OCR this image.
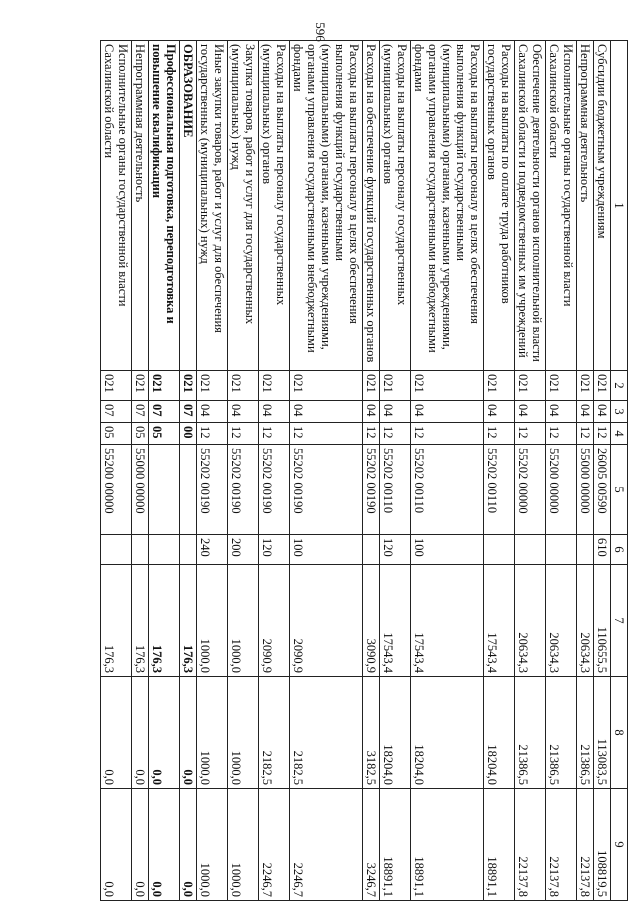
596
1	2	3	4	5	6	7	8	9
Субсидии бюджетным учреждениям	021	04	12	26005 00590	610	110655,5	113083,5	108819,5
Непрограммная деятельность	021	04	12	55000 00000		20634,3	21386,5	22137,8
Исполнительные органы государственной власти Сахалинской области	021	04	12	55200 00000		20634,3	21386,5	22137,8
Обеспечение деятельности органов исполнительной власти Сахалинской области и подведомственных им учреждений	021	04	12	55202 00000		20634,3	21386,5	22137,8
Расходы на выплаты по оплате труда работников государственных органов	021	04	12	55202 00110		17543,4	18204,0	18891,1
Расходы на выплаты персоналу в целях обеспечения выполнения функций государственными (муниципальными) органами, казенными учреждениями, органами управления государственными внебюджетными фондами	021	04	12	55202 00110	100	17543,4	18204,0	18891,1
Расходы на выплаты персоналу государственных (муниципальных) органов	021	04	12	55202 00110	120	17543,4	18204,0	18891,1
Расходы на обеспечение функций государственных органов	021	04	12	55202 00190		3090,9	3182,5	3246,7
Расходы на выплаты персоналу в целях обеспечения выполнения функций государственными (муниципальными) органами, казенными учреждениями, органами управления государственными внебюджетными фондами	021	04	12	55202 00190	100	2090,9	2182,5	2246,7
Расходы на выплаты персоналу государственных (муниципальных) органов	021	04	12	55202 00190	120	2090,9	2182,5	2246,7
Закупка товаров, работ и услуг для государственных (муниципальных) нужд	021	04	12	55202 00190	200	1000,0	1000,0	1000,0
Иные закупки товаров, работ и услуг для обеспечения государственных (муниципальных) нужд	021	04	12	55202 00190	240	1000,0	1000,0	1000,0
ОБРАЗОВАНИЕ	021	07	00			176,3	0,0	0,0
Профессиональная подготовка, переподготовка и повышение квалификации	021	07	05			176,3	0,0	0,0
Непрограммная деятельность	021	07	05	55000 00000		176,3	0,0	0,0
Исполнительные органы государственной власти Сахалинской области	021	07	05	55200 00000		176,3	0,0	0,0
